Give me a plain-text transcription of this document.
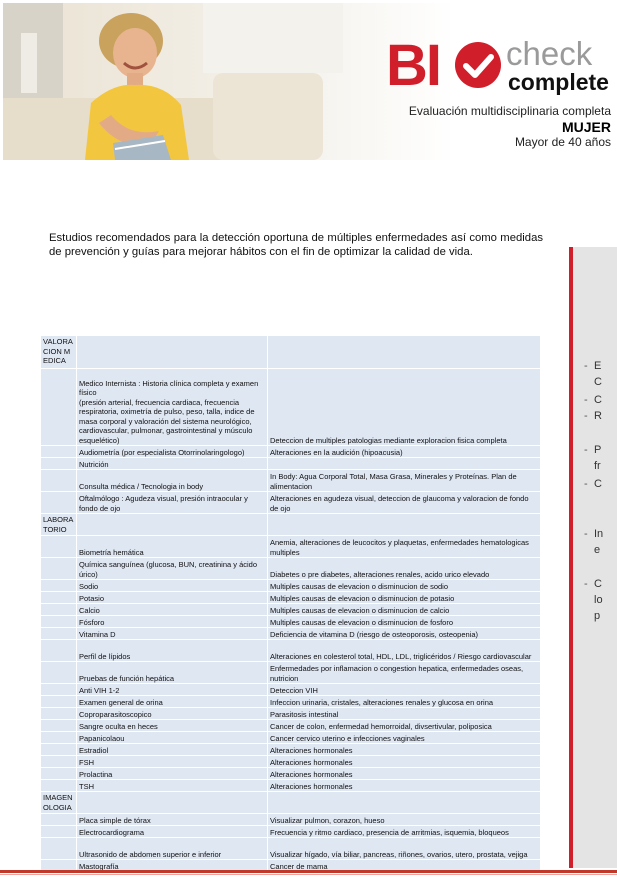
BI check
complete
Evaluación multidisciplinaria completa
MUJER
Mayor de 40 años
Estudios recomendados para la detección oportuna de múltiples enfermedades así como medidas de prevención y guías para mejorar hábitos con el fin de optimizar la calidad de vida.
- E
C
- C
- R
- P
fr
- C
- In
e
- C
lo
p
VALORACION MEDICA		
	Medico Internista : Historia clínica completa y examen físico
(presión arterial, frecuencia cardiaca, frecuencia respiratoria, oximetría de pulso, peso, talla, indice de masa corporal y valoración del sistema neurológico, cardiovascular, pulmonar, gastrointestinal y músculo esquelético)	Deteccion de multiples patologias mediante exploracion fisica completa
	Audiometría (por especialista Otorrinolaringologo)	Alteraciones en la audición (hipoacusia)
	Nutrición	
	Consulta médica / Tecnologia in body	In Body: Agua Corporal Total, Masa Grasa, Minerales y Proteínas. Plan de alimentacion
	Oftalmólogo : Agudeza visual, presión intraocular y fondo de ojo	Alteraciones en agudeza visual, deteccion de glaucoma y valoracion de fondo de ojo
LABORATORIO		
	Biometría hemática	Anemia, alteraciones de leucocitos y plaquetas, enfermedades hematologicas multiples
	Química sanguínea (glucosa, BUN, creatinina y ácido úrico)	Diabetes o pre diabetes, alteraciones renales, acido urico elevado
	Sodio	Multiples causas de elevacion o disminucion de sodio
	Potasio	Multiples causas de elevacion o disminucion de potasio
	Calcio	Multiples causas de elevacion o disminucion de calcio
	Fósforo	Multiples causas de elevacion o disminucion de fosforo
	Vitamina D	Deficiencia de vitamina D (riesgo de osteoporosis, osteopenia)
	Perfil de lípidos	Alteraciones en colesterol total, HDL, LDL, triglicéridos / Riesgo cardiovascular
	Pruebas de función hepática	Enfermedades por inflamacion o congestion hepatica, enfermedades oseas, nutricion
	Anti VIH 1-2	Deteccion VIH
	Examen general de orina	Infeccion urinaria, cristales, alteraciones renales y glucosa en orina
	Coproparasitoscopico	Parasitosis intestinal
	Sangre oculta en heces	Cancer de colon, enfermedad hemorroidal, divsertivular, poliposica
	Papanicolaou	Cancer cervico uterino e infecciones vaginales
	Estradiol	Alteraciones hormonales
	FSH	Alteraciones hormonales
	Prolactina	Alteraciones hormonales
	TSH	Alteraciones hormonales
IMAGENOLOGIA		
	Placa simple de tórax	Visualizar pulmon, corazon, hueso
	Electrocardiograma	Frecuencia y ritmo cardiaco, presencia de arritmias, isquemia, bloqueos
	Ultrasonido de abdomen superior e inferior	Visualizar hígado, vía biliar, pancreas, riñones, ovarios, utero, prostata, vejiga
	Mastografía	Cancer de mama
